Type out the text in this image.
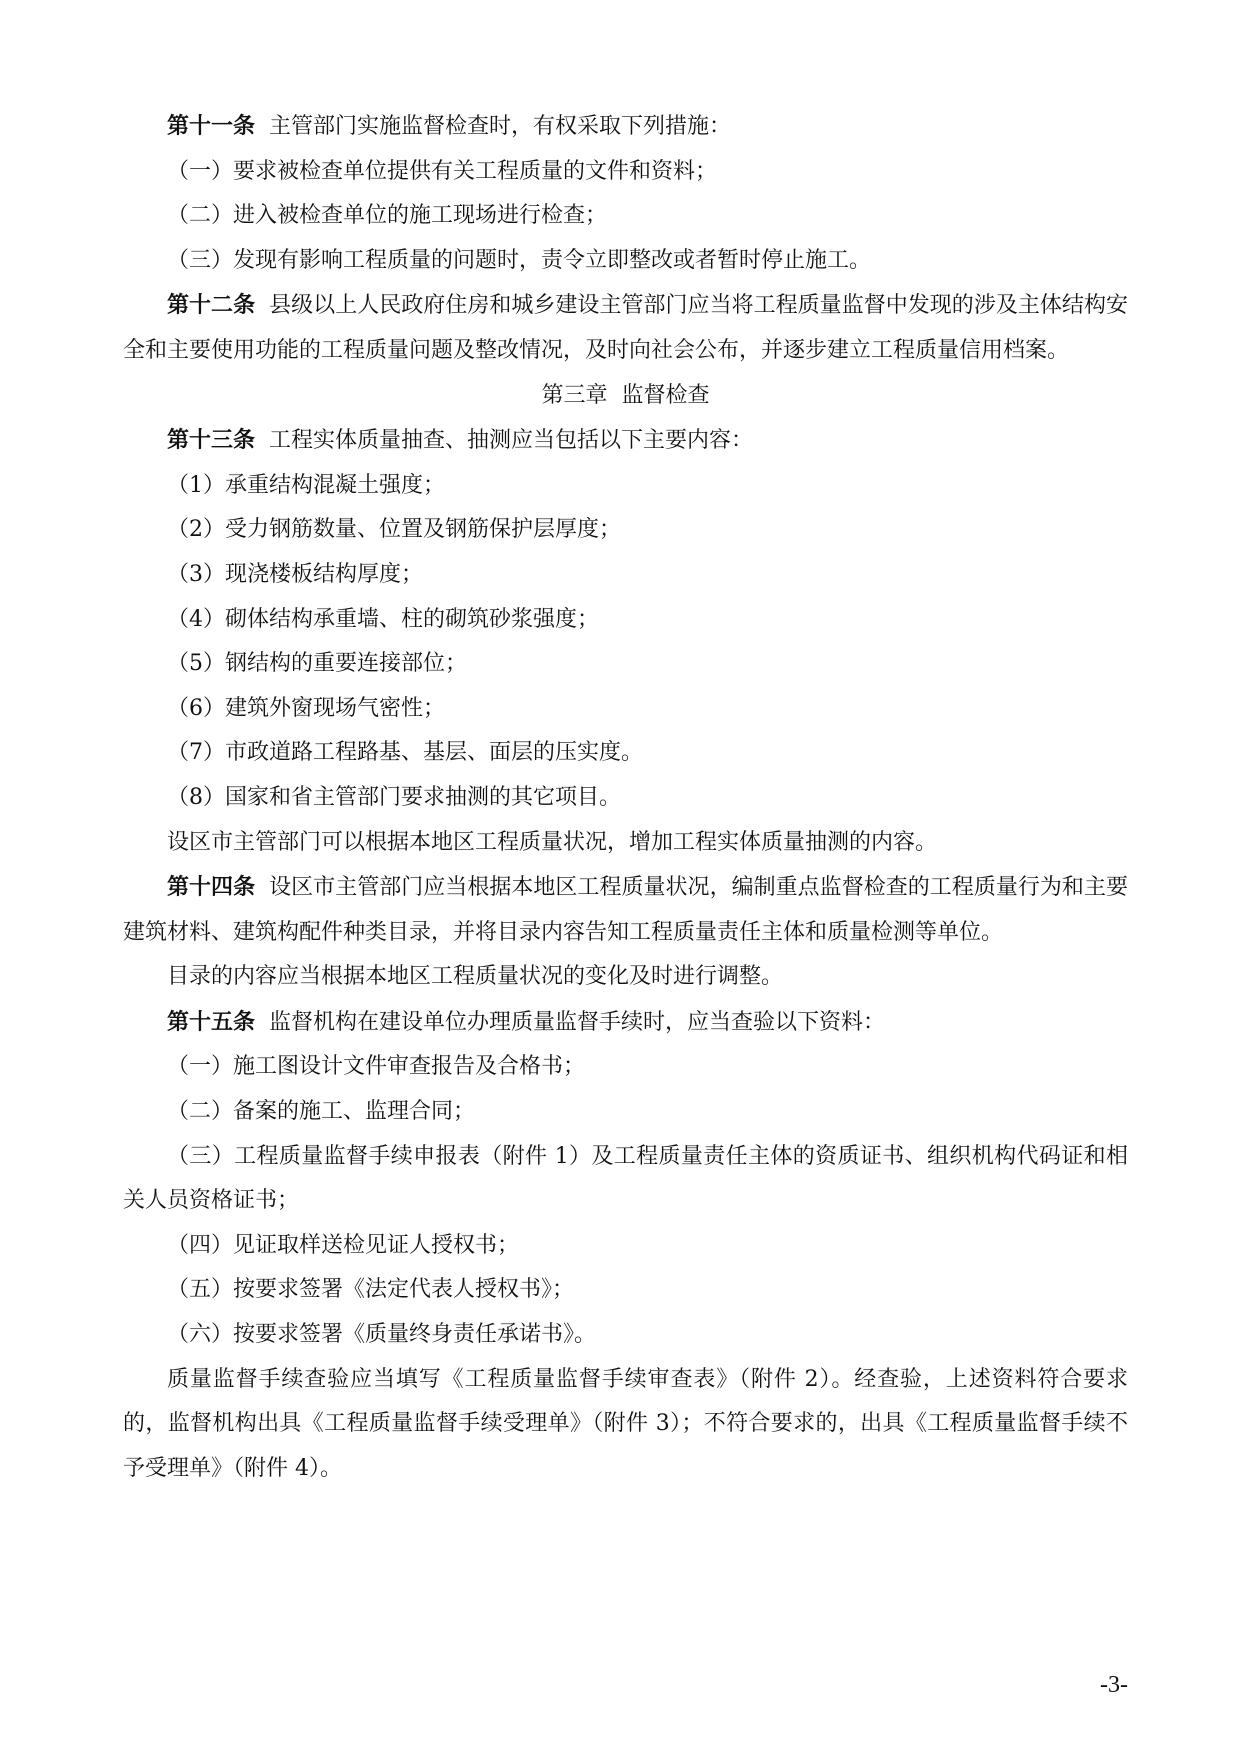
第十一条 主管部门实施监督检查时，有权采取下列措施：

（一）要求被检查单位提供有关工程质量的文件和资料；

（二）进入被检查单位的施工现场进行检查；

（三）发现有影响工程质量的问题时，责令立即整改或者暂时停止施工。

第十二条 县级以上人民政府住房和城乡建设主管部门应当将工程质量监督中发现的涉及主体结构安全和主要使用功能的工程质量问题及整改情况，及时向社会公布，并逐步建立工程质量信用档案。

第三章  监督检查

第十三条 工程实体质量抽查、抽测应当包括以下主要内容：

（1）承重结构混凝土强度；

（2）受力钢筋数量、位置及钢筋保护层厚度；

（3）现浇楼板结构厚度；

（4）砌体结构承重墙、柱的砌筑砂浆强度；

（5）钢结构的重要连接部位；

（6）建筑外窗现场气密性；

（7）市政道路工程路基、基层、面层的压实度。

（8）国家和省主管部门要求抽测的其它项目。

设区市主管部门可以根据本地区工程质量状况，增加工程实体质量抽测的内容。

第十四条 设区市主管部门应当根据本地区工程质量状况，编制重点监督检查的工程质量行为和主要建筑材料、建筑构配件种类目录，并将目录内容告知工程质量责任主体和质量检测等单位。

目录的内容应当根据本地区工程质量状况的变化及时进行调整。

第十五条 监督机构在建设单位办理质量监督手续时，应当查验以下资料：

（一）施工图设计文件审查报告及合格书；

（二）备案的施工、监理合同；

（三）工程质量监督手续申报表（附件 1）及工程质量责任主体的资质证书、组织机构代码证和相关人员资格证书；

（四）见证取样送检见证人授权书；

（五）按要求签署《法定代表人授权书》；

（六）按要求签署《质量终身责任承诺书》。

质量监督手续查验应当填写《工程质量监督手续审查表》（附件 2）。经查验，上述资料符合要求的，监督机构出具《工程质量监督手续受理单》（附件 3）；不符合要求的，出具《工程质量监督手续不予受理单》（附件 4）。

-3-
